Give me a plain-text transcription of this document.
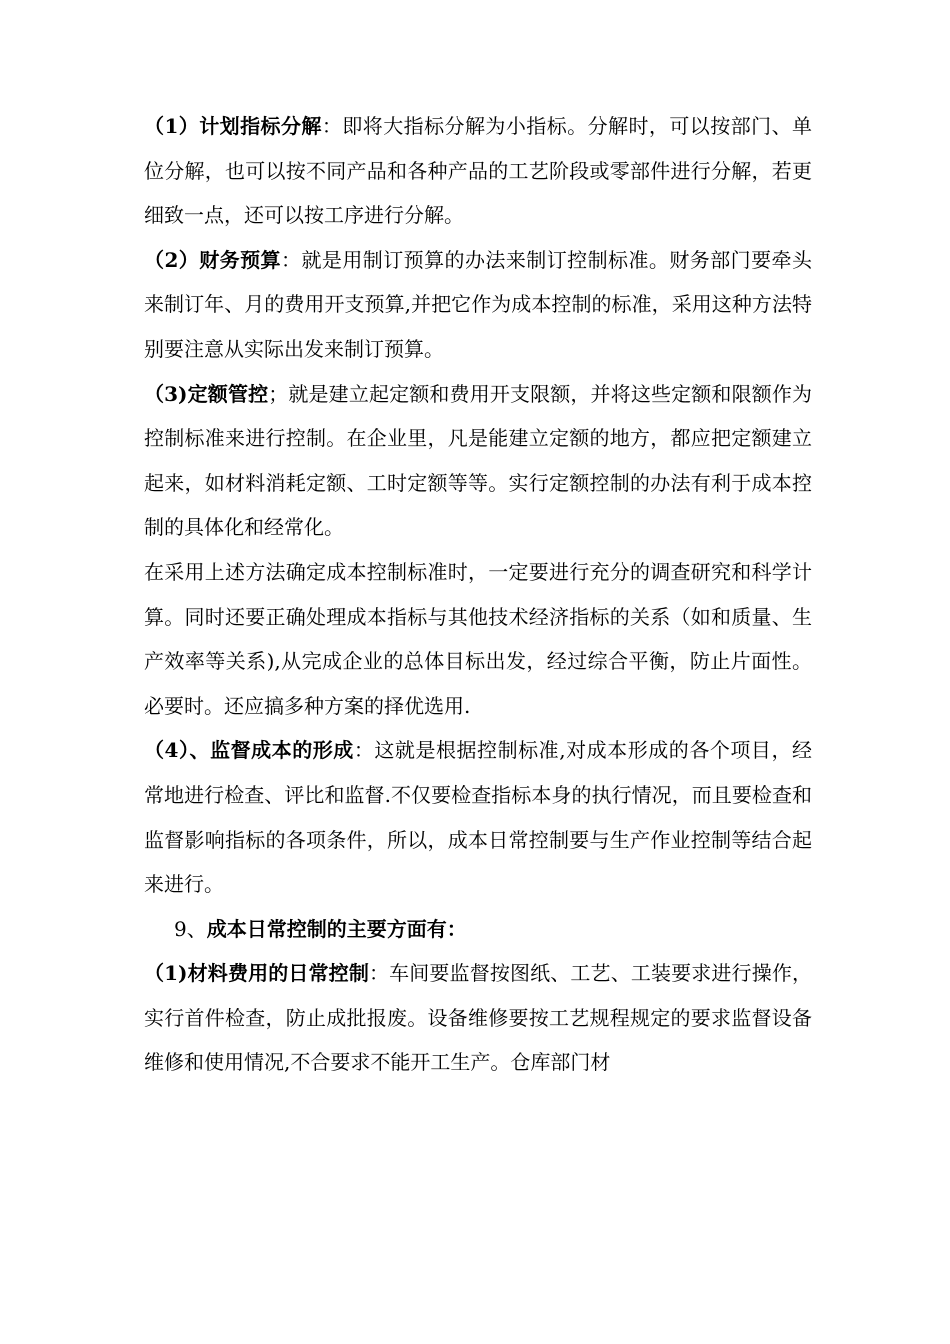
（1）计划指标分解：即将大指标分解为小指标。分解时，可以按部门、单位分解，也可以按不同产品和各种产品的工艺阶段或零部件进行分解，若更细致一点，还可以按工序进行分解。

（2）财务预算：就是用制订预算的办法来制订控制标准。财务部门要牵头来制订年、月的费用开支预算,并把它作为成本控制的标准，采用这种方法特别要注意从实际出发来制订预算。

（3)定额管控；就是建立起定额和费用开支限额，并将这些定额和限额作为控制标准来进行控制。在企业里，凡是能建立定额的地方，都应把定额建立起来，如材料消耗定额、工时定额等等。实行定额控制的办法有利于成本控制的具体化和经常化。

在采用上述方法确定成本控制标准时，一定要进行充分的调查研究和科学计算。同时还要正确处理成本指标与其他技术经济指标的关系（如和质量、生产效率等关系),从完成企业的总体目标出发，经过综合平衡，防止片面性。必要时。还应搞多种方案的择优选用.

（4）、监督成本的形成：这就是根据控制标准,对成本形成的各个项目，经常地进行检查、评比和监督.不仅要检查指标本身的执行情况，而且要检查和监督影响指标的各项条件，所以，成本日常控制要与生产作业控制等结合起来进行。

9、成本日常控制的主要方面有：

（1)材料费用的日常控制：车间要监督按图纸、工艺、工装要求进行操作，实行首件检查，防止成批报废。设备维修要按工艺规程规定的要求监督设备维修和使用情况,不合要求不能开工生产。仓库部门材
